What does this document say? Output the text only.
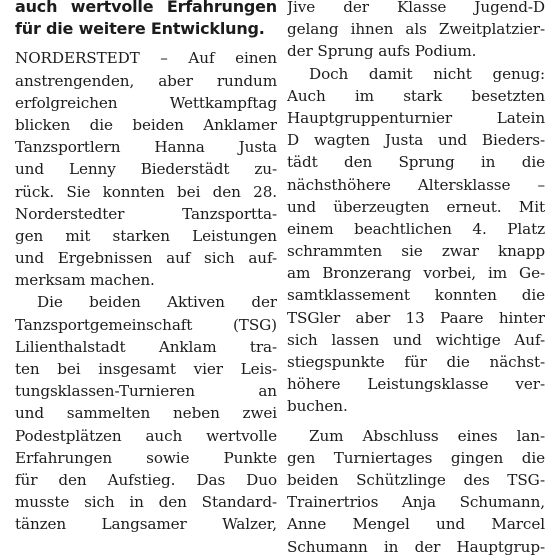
auch wertvolle Erfahrungen
für die weitere Entwicklung.
NORDERSTEDT – Auf einen
anstrengenden, aber rundum
erfolgreichen Wettkampftag
blicken die beiden Anklamer
Tanzsportlern Hanna Justa
und Lenny Biederstädt zu-
rück. Sie konnten bei den 28.
Norderstedter Tanzsportta-
gen mit starken Leistungen
und Ergebnissen auf sich auf-
merksam machen.
Die beiden Aktiven der
Tanzsportgemeinschaft (TSG)
Lilienthalstadt Anklam tra-
ten bei insgesamt vier Leis-
tungsklassen-Turnieren an
und sammelten neben zwei
Podestplätzen auch wertvolle
Erfahrungen sowie Punkte
für den Aufstieg. Das Duo
musste sich in den Standard-
tänzen Langsamer Walzer,
Jive der Klasse Jugend-D
gelang ihnen als Zweitplatzier-
der Sprung aufs Podium.
Doch damit nicht genug:
Auch im stark besetzten
Hauptgruppenturnier Latein
D wagten Justa und Bieders-
tädt den Sprung in die
nächsthöhere Altersklasse –
und überzeugten erneut. Mit
einem beachtlichen 4. Platz
schrammten sie zwar knapp
am Bronzerang vorbei, im Ge-
samtklassement konnten die
TSGler aber 13 Paare hinter
sich lassen und wichtige Auf-
stiegspunkte für die nächst-
höhere Leistungsklasse ver-
buchen.
Zum Abschluss eines lan-
gen Turniertages gingen die
beiden Schützlinge des TSG-
Trainertrios Anja Schumann,
Anne Mengel und Marcel
Schumann in der Hauptgrup-
